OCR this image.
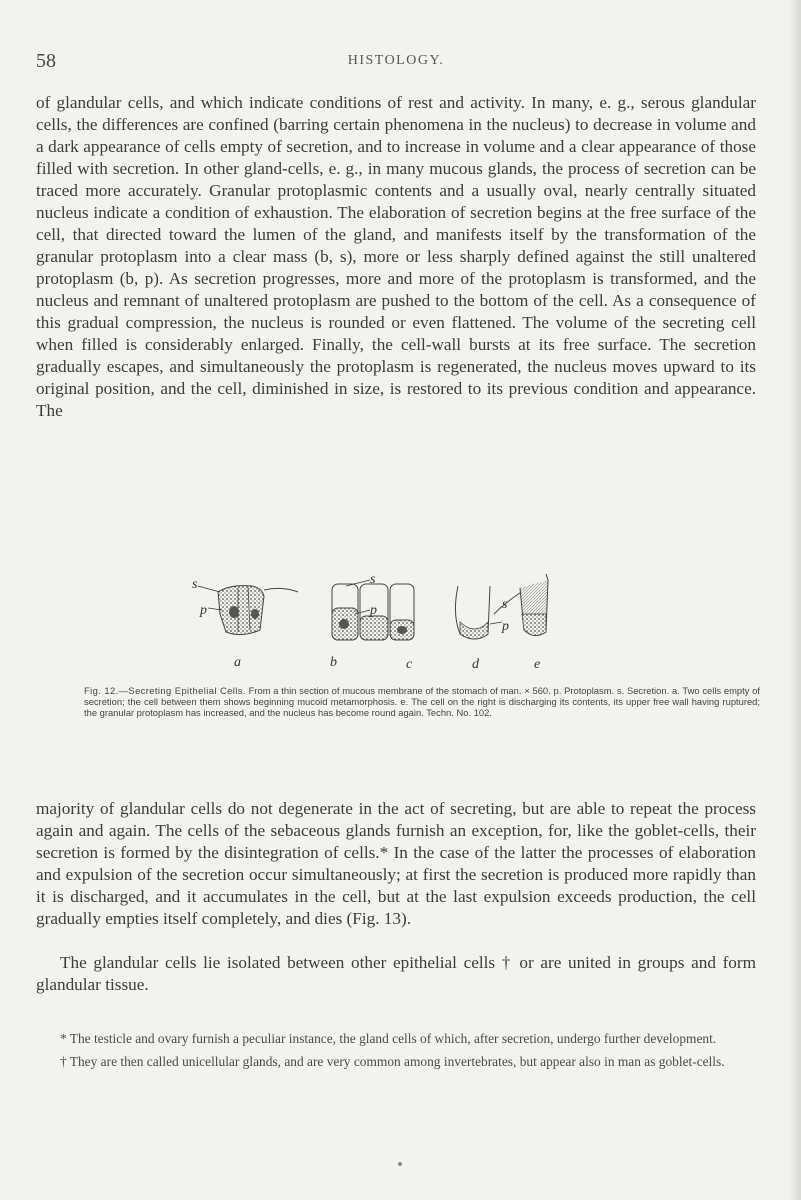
58	HISTOLOGY.

of glandular cells, and which indicate conditions of rest and activity. In many, e. g., serous glandular cells, the differences are confined (barring certain phenomena in the nucleus) to decrease in volume and a dark appearance of cells empty of secretion, and to increase in volume and a clear appearance of those filled with secretion. In other gland-cells, e. g., in many mucous glands, the process of secretion can be traced more accurately. Granular protoplasmic contents and a usually oval, nearly centrally situated nucleus indicate a condition of exhaustion. The elaboration of secretion begins at the free surface of the cell, that directed toward the lumen of the gland, and manifests itself by the transformation of the granular protoplasm into a clear mass (b, s), more or less sharply defined against the still unaltered protoplasm (b, p). As secretion progresses, more and more of the protoplasm is transformed, and the nucleus and remnant of unaltered protoplasm are pushed to the bottom of the cell. As a consequence of this gradual compression, the nucleus is rounded or even flattened. The volume of the secreting cell when filled is considerably enlarged. Finally, the cell-wall bursts at its free surface. The secretion gradually escapes, and simultaneously the protoplasm is regenerated, the nucleus moves upward to its original position, and the cell, diminished in size, is restored to its previous condition and appearance. The

s
p
s
p	s
p
a	b	c	d	e

Fig. 12.—Secreting Epithelial Cells. From a thin section of mucous membrane of the stomach of man. × 560. p. Protoplasm. s. Secretion. a. Two cells empty of secretion; the cell between them shows beginning mucoid metamorphosis. e. The cell on the right is discharging its contents, its upper free wall having ruptured; the granular protoplasm has increased, and the nucleus has become round again. Techn. No. 102.

majority of glandular cells do not degenerate in the act of secreting, but are able to repeat the process again and again. The cells of the sebaceous glands furnish an exception, for, like the goblet-cells, their secretion is formed by the disintegration of cells.* In the case of the latter the processes of elaboration and expulsion of the secretion occur simultaneously; at first the secretion is produced more rapidly than it is discharged, and it accumulates in the cell, but at the last expulsion exceeds production, the cell gradually empties itself completely, and dies (Fig. 13).

The glandular cells lie isolated between other epithelial cells † or are united in groups and form glandular tissue.

* The testicle and ovary furnish a peculiar instance, the gland cells of which, after secretion, undergo further development.

† They are then called unicellular glands, and are very common among invertebrates, but appear also in man as goblet-cells.
